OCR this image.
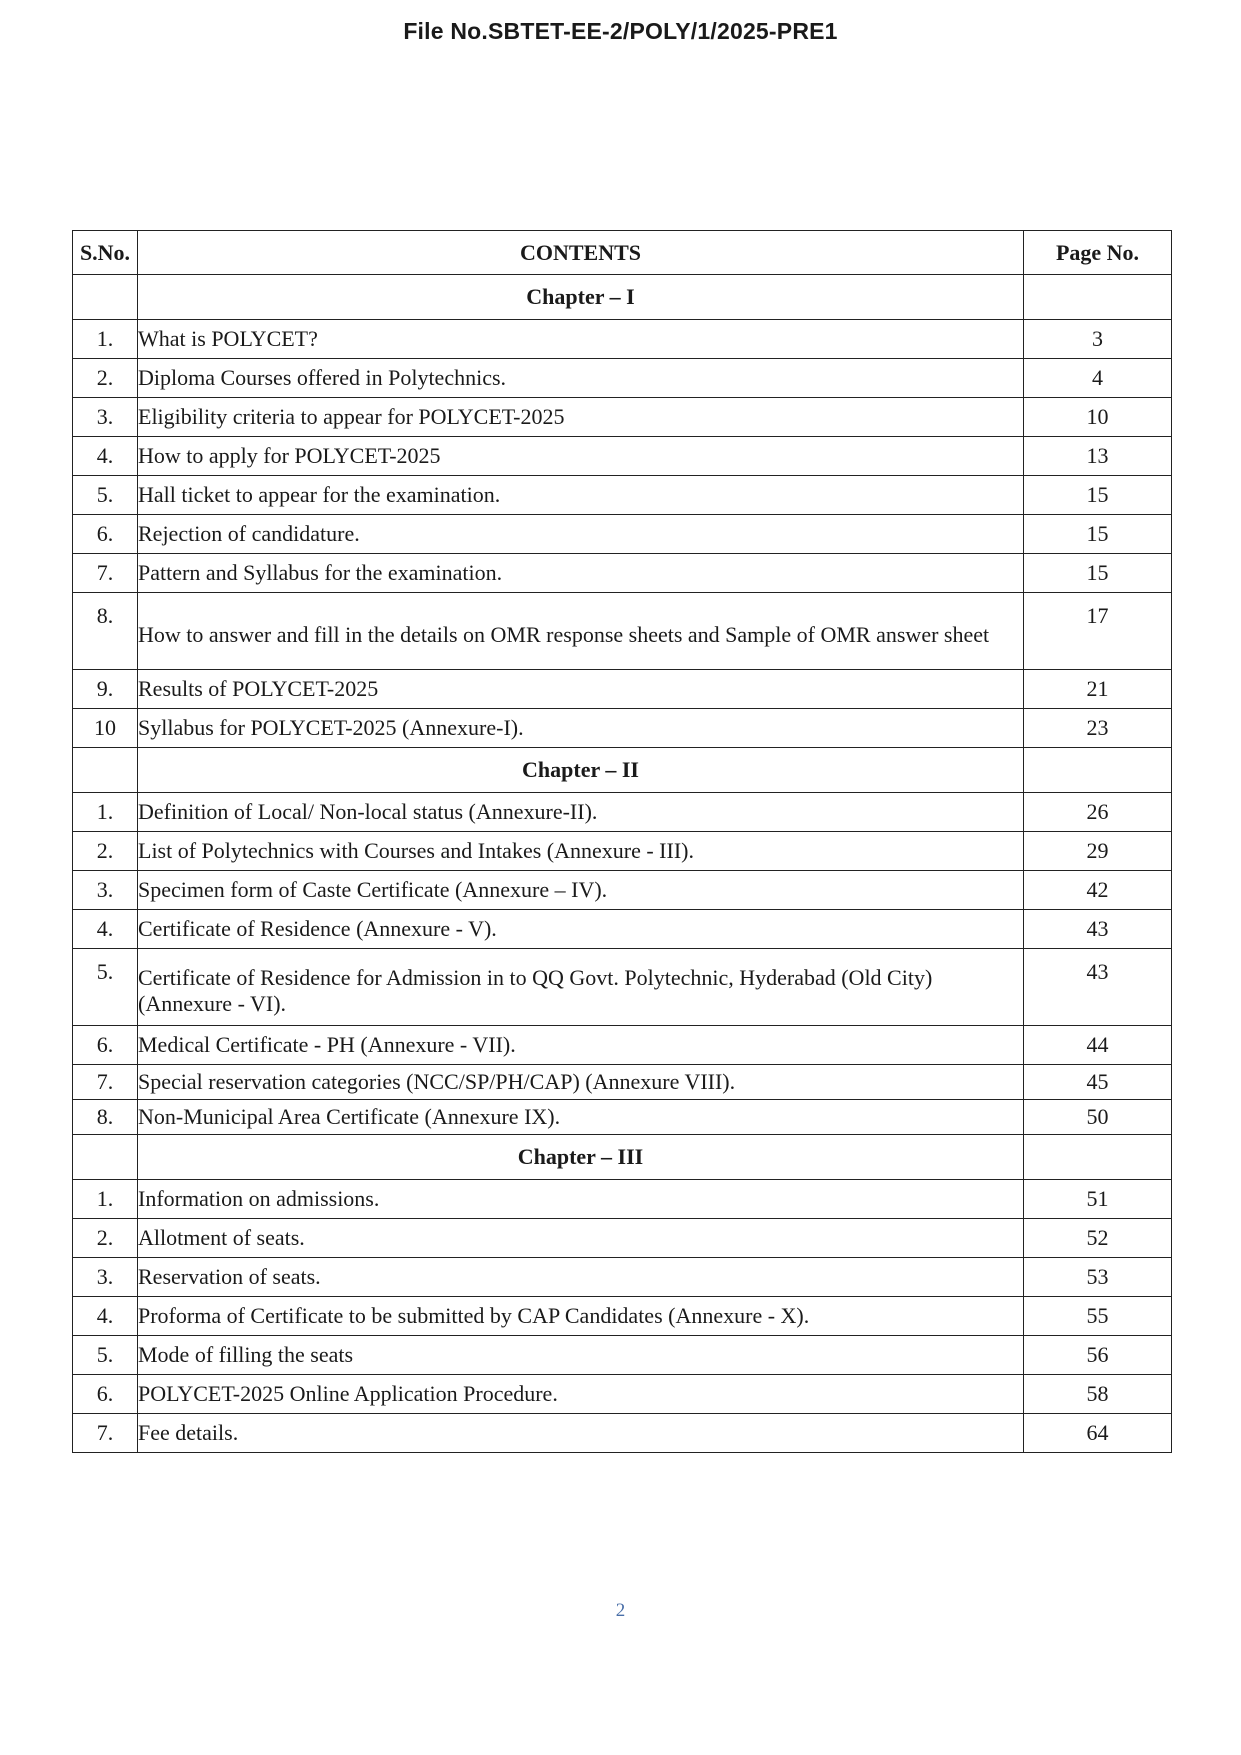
File No.SBTET-EE-2/POLY/1/2025-PRE1
S.No.	CONTENTS	Page No.
	Chapter – I	
1.	What is POLYCET?	3
2.	Diploma Courses offered in Polytechnics.	4
3.	Eligibility criteria to appear for POLYCET-2025	10
4.	How to apply for POLYCET-2025	13
5.	Hall ticket to appear for the examination.	15
6.	Rejection of candidature.	15
7.	Pattern and Syllabus for the examination.	15
8.	How to answer and fill in the details on OMR response sheets and Sample of OMR answer sheet	17
9.	Results of POLYCET-2025	21
10	Syllabus for POLYCET-2025 (Annexure-I).	23
	Chapter – II	
1.	Definition of Local/ Non-local status (Annexure-II).	26
2.	List of Polytechnics with Courses and Intakes (Annexure - III).	29
3.	Specimen form of Caste Certificate (Annexure – IV).	42
4.	Certificate of Residence (Annexure - V).	43
5.	Certificate of Residence for Admission in to QQ Govt. Polytechnic, Hyderabad (Old City) (Annexure - VI).	43
6.	Medical Certificate - PH (Annexure - VII).	44
7.	Special reservation categories (NCC/SP/PH/CAP) (Annexure VIII).	45
8.	Non-Municipal Area Certificate (Annexure IX).	50
	Chapter – III	
1.	Information on admissions.	51
2.	Allotment of seats.	52
3.	Reservation of seats.	53
4.	Proforma of Certificate to be submitted by CAP Candidates (Annexure - X).	55
5.	Mode of filling the seats	56
6.	POLYCET-2025 Online Application Procedure.	58
7.	Fee details.	64
2
